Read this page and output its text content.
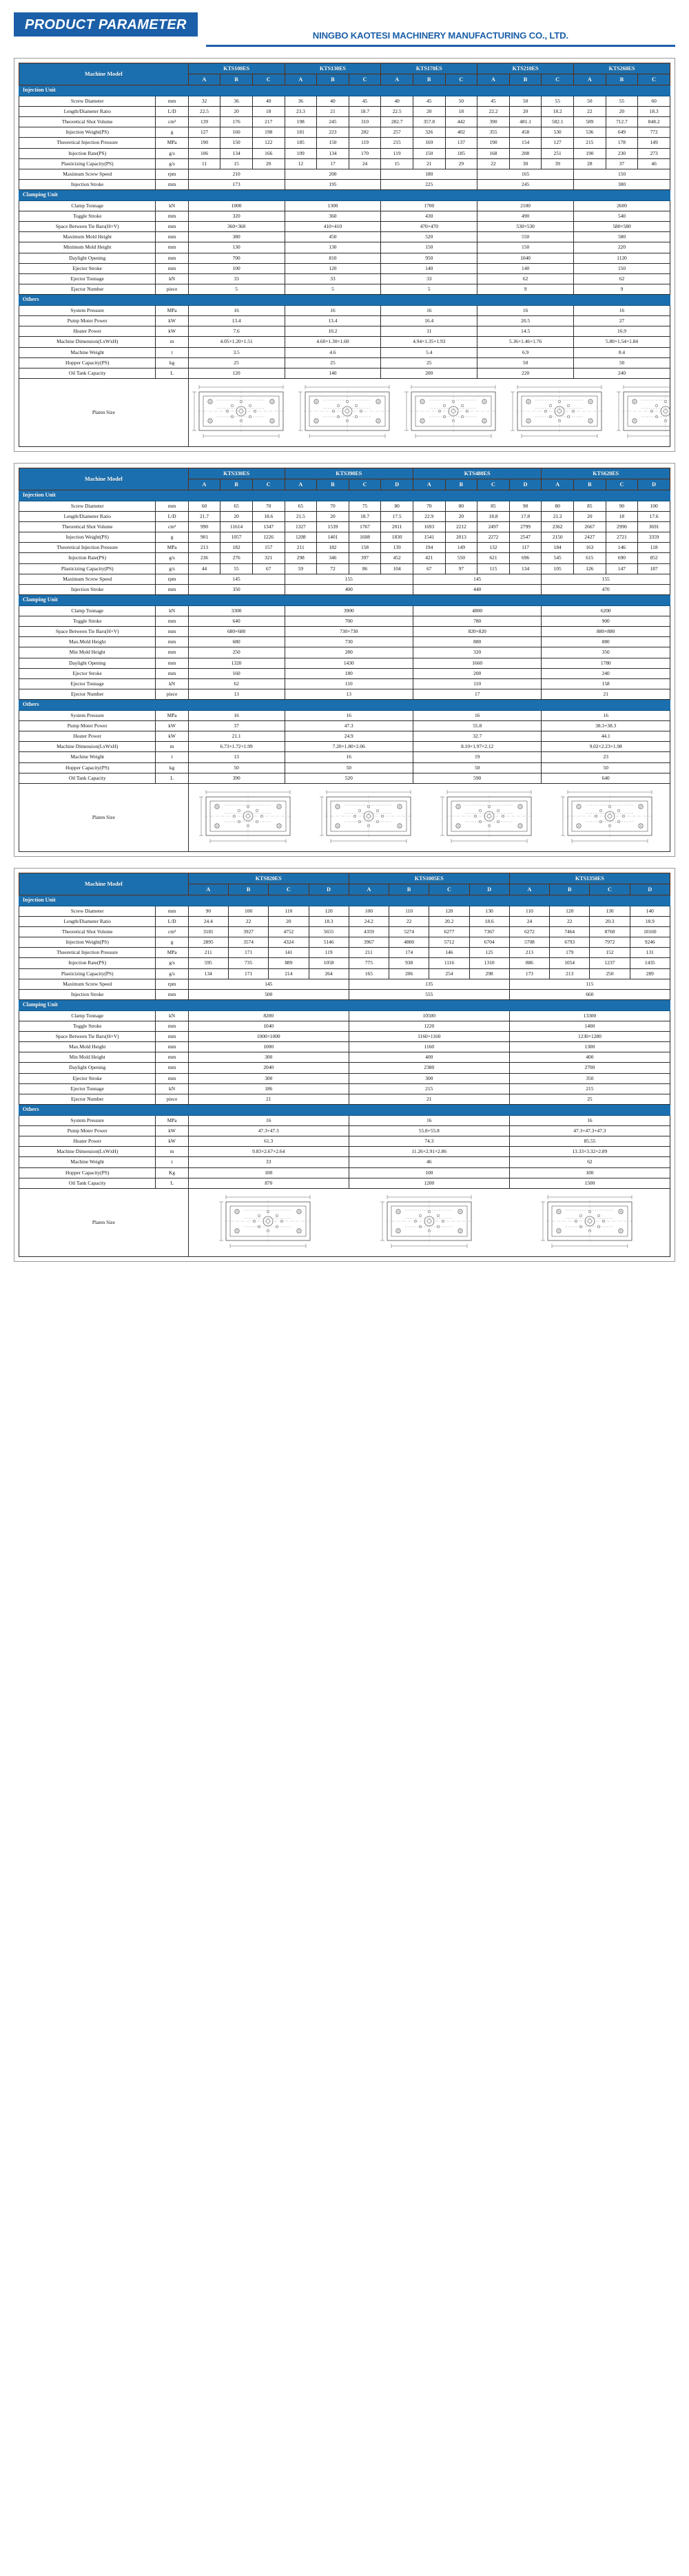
PRODUCT PARAMETER
NINGBO KAOTESI MACHINERY MANUFACTURING CO., LTD.
Machine Model		KTS100ES			KTS130ES			KTS170ES			KTS210ES			KTS260ES		
		A	B	C	A	B	C	A	B	C	A	B	C	A	B	C
Injection Unit																
Screw Diameter	mm	32	36	40	36	40	45	40	45	50	45	50	55	50	55	60
Length/Diameter Ratio	L/D	22.5	20	18	23.3	21	18.7	22.5	20	18	22.2	20	18.2	22	20	18.3
Theoretical Shot Volume	cm³	139	176	217	198	245	310	282.7	357.8	442	390	481.1	582.1	589	712.7	848.2
Injection Weight(PS)	g	127	160	198	181	223	282	257	326	402	355	458	530	536	649	772
Theoretical Injection Pressure	MPa	190	150	122	185	150	119	215	169	137	190	154	127	215	178	149
Injection Rate(PS)	g/s	106	134	166	109	134	170	119	150	185	168	208	251	190	230	273
Plasticizing Capacity(PS)	g/s	11	15	20	12	17	24	15	21	29	22	30	39	28	37	46
Maximum Screw Speed	rpm	210			200			180			165			150		
Injection Stroke	mm	173			195			225			245			300		
Clamping Unit																
Clamp Tonnage	kN	1000			1300			1700			2100			2600		
Toggle Stroke	mm	320			360			430			490			540		
Space Between Tie Bars(H×V)	mm	360×360			410×410			470×470			530×530			580×580		
Maximum Mold Height	mm	380			450			520			550			580		
Minimum Mold Height	mm	130			130			150			150			220		
Daylight Opening	mm	700			810			950			1040			1120		
Ejector Stroke	mm	100			120			140			140			150		
Ejector Tonnage	kN	33			33			33			62			62		
Ejector Number	piece	5			5			5			9			9		
Others																
System Pressure	MPa	16			16			16			16			16		
Pump Moter Power	kW	13.4			13.4			16.4			20.5			27		
Heater Power	kW	7.6			10.2			11			14.5			16.9		
Machine Dimension(LxWxH)	m	4.05×1.20×1.51			4.60×1.30×1.60			4.94×1.35×1.93			5.36×1.46×1.76			5.80×1.54×1.84		
Machine Weight	t	3.5			4.6			5.4			6.9			8.4		
Hopper Capacity(PS)	kg	25			25			25			50			50		
Oil Tank Capacity	L	120			140			200			220			240		
Platen Size	
Machine Model		KTS330ES			KTS390ES				KTS480ES				KTS620ES			
		A	B	C	A	B	C	D	A	B	C	D	A	B	C	D
Injection Unit																
Screw Diameter	mm	60	65	70	65	70	75	80	70	80	85	90	80	85	90	100
Length/Diameter Ratio	L/D	21.7	20	18.6	21.5	20	18.7	17.5	22.9	20	18.8	17.8	21.2	20	18	17.6
Theoretical Shot Volume	cm³	990	11614	1347	1327	1539	1767	2011	1693	2212	2497	2799	2362	2667	2990	3691
Injection Weight(PS)	g	901	1057	1226	1208	1401	1608	1830	1541	2013	2272	2547	2150	2427	2721	3359
Theoretical Injection Pressure	MPa	213	182	157	211	182	158	139	194	149	132	117	184	163	146	118
Injection Rate(PS)	g/s	236	276	321	298	346	397	452	421	550	621	696	545	615	690	852
Plasticizing Capacity(PS)	g/s	44	55	67	59	72	86	104	67	97	115	134	105	126	147	187
Maximum Screw Speed	rpm	145			155				145				155			
Injection Stroke	mm	350			400				440				470			
Clamping Unit																
Clamp Tonnage	kN	3300			3900				4800				6200			
Toggle Stroke	mm	640			700				780				900			
Space Between Tie Bars(H×V)	mm	680×680			730×730				820×820				880×880			
Max.Mold Height	mm	680			730				880				880			
Min Mold Height	mm	250			280				320				350			
Daylight Opening	mm	1320			1430				1660				1780			
Ejector Stroke	mm	160			180				200				240			
Ejector Tonnage	kN	62			110				110				158			
Ejector Number	piece	13			13				17				21			
Others																
System Pressure	MPa	16			16				16				16			
Pump Moter Power	kW	37			47.3				55.8				38.3+38.3			
Heater Power	kW	21.1			24.9				32.7				44.1			
Machine Dimension(LxWxH)	m	6.73×1.72×1.99			7.20×1.80×2.06				8.10×1.97×2.12				9.02×2.23×1.98			
Machine Weight	t	13			16				19				23			
Hopper Capacity(PS)	kg	50			50				50				50			
Oil Tank Capacity	L	390			520				590				640			
Platen Size	
Machine Model		KTS820ES				KTS1005ES				KTS1350ES			
		A	B	C	D	A	B	C	D	A	B	C	D
Injection Unit													
Screw Diameter	mm	90	100	110	120	100	110	120	130	110	120	130	140
Length/Diameter Ratio	L/D	24.4	22	20	18.3	24.2	22	20.2	18.6	24	22	20.3	18.9
Theoretical Shot Volume	cm³	3181	3927	4752	5655	4359	5274	6277	7367	6272	7464	8760	10160
Injection Weight(PS)	g	2895	3574	4324	5146	3967	4800	5712	6704	5708	6793	7972	9246
Theoretical Injection Pressure	MPa	211	171	141	119	211	174	146	125	213	179	152	131
Injection Rate(PS)	g/s	595	735	889	1058	775	938	1116	1310	886	1054	1237	1435
Plasticizing Capacity(PS)	g/s	134	171	214	264	165	206	254	298	173	213	250	289
Maximum Screw Speed	rpm	145				135				115			
Injection Stroke	mm	500				555				660			
Clamping Unit													
Clamp Tonnage	kN	8200				10500				13300			
Toggle Stroke	mm	1040				1220				1400			
Space Between Tie Bars(H×V)	mm	1000×1000				1160×1160				1230×1280			
Max.Mold Height	mm	1000				1160				1300			
Min Mold Height	mm	300				400				400			
Daylight Opening	mm	2040				2380				2700			
Ejector Stroke	mm	300				300				350			
Ejector Tonnage	kN	186				215				215			
Ejector Number	piece	21				21				25			
Others													
System Pressure	MPa	16				16				16			
Pump Moter Power	kW	47.3+47.3				55.8+55.8				47.3+47.3+47.3			
Heater Power	kW	61.3				74.3				85.55			
Machine Dimension(LxWxH)	m	9.83×2.67×2.64				11.26×2.91×2.86				13.33×3.32×2.89			
Machine Weight	t	33				46				62			
Hopper Capacity(PS)	Kg	100				100				100			
Oil Tank Capacity	L	870				1200				1500			
Platen Size	
